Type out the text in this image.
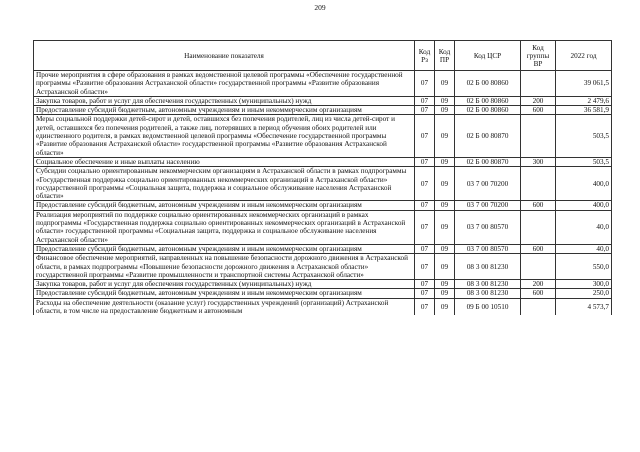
209
Наименование показателя	Код Рз	Код ПР	Код ЦСР	Код группы ВР	2022 год
Прочие мероприятия в сфере образования в рамках ведомственной целевой программы «Обеспечение государственной программы «Развитие образования Астраханской области» государственной программы «Развитие образования Астраханской области»	07	09	02 Б 00 80860		39 061,5
Закупка товаров, работ и услуг для обеспечения государственных (муниципальных) нужд	07	09	02 Б 00 80860	200	2 479,6
Предоставление субсидий бюджетным, автономным учреждениям и иным некоммерческим организациям	07	09	02 Б 00 80860	600	36 581,9
Меры социальной поддержки детей-сирот и детей, оставшихся без попечения родителей, лиц из числа детей-сирот и детей, оставшихся без попечения родителей, а также лиц, потерявших в период обучения обоих родителей или единственного родителя, в рамках ведомственной целевой программы «Обеспечение государственной программы «Развитие образования Астраханской области» государственной программы «Развитие образования Астраханской области»	07	09	02 Б 00 80870		503,5
Социальное обеспечение и иные выплаты населению	07	09	02 Б 00 80870	300	503,5
Субсидии социально ориентированным некоммерческим организациям в Астраханской области в рамках подпрограммы «Государственная поддержка социально ориентированных некоммерческих организаций в Астраханской области» государственной программы «Социальная защита, поддержка и социальное обслуживание населения Астраханской области»	07	09	03 7 00 70200		400,0
Предоставление субсидий бюджетным, автономным учреждениям и иным некоммерческим организациям	07	09	03 7 00 70200	600	400,0
Реализация мероприятий по поддержке социально ориентированных некоммерческих организаций в рамках подпрограммы «Государственная поддержка социально ориентированных некоммерческих организаций в Астраханской области» государственной программы «Социальная защита, поддержка и социальное обслуживание населения Астраханской области»	07	09	03 7 00 80570		40,0
Предоставление субсидий бюджетным, автономным учреждениям и иным некоммерческим организациям	07	09	03 7 00 80570	600	40,0
Финансовое обеспечение мероприятий, направленных на повышение безопасности дорожного движения в Астраханской области, в рамках подпрограммы «Повышение безопасности дорожного движения в Астраханской области» государственной программы «Развитие промышленности и транспортной системы Астраханской области»	07	09	08 3 00 81230		550,0
Закупка товаров, работ и услуг для обеспечения государственных (муниципальных) нужд	07	09	08 3 00 81230	200	300,0
Предоставление субсидий бюджетным, автономным учреждениям и иным некоммерческим организациям	07	09	08 3 00 81230	600	250,0
Расходы на обеспечение деятельности (оказание услуг) государственных учреждений (организаций) Астраханской области, в том числе на предоставление бюджетным и автономным	07	09	09 Б 00 10510		4 573,7
